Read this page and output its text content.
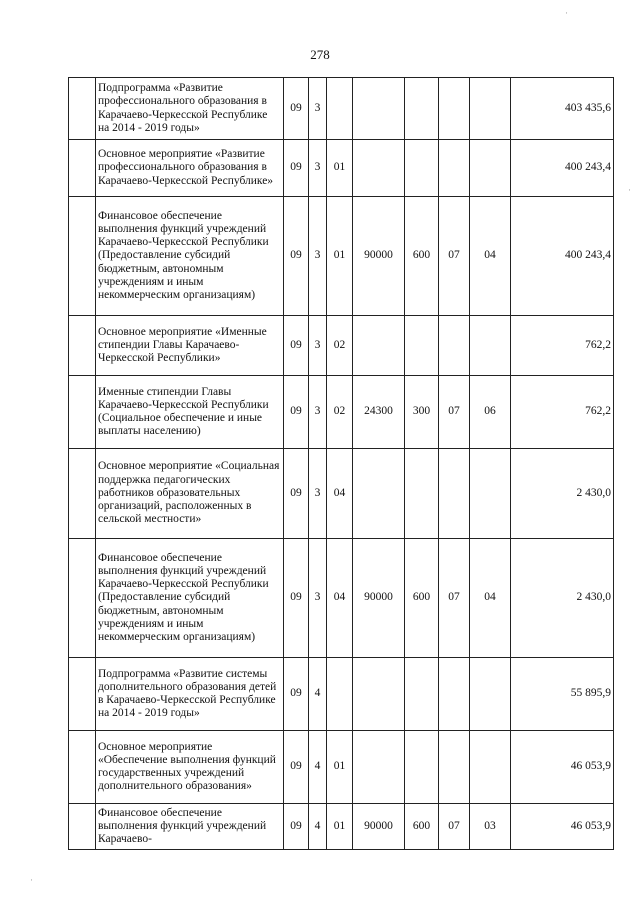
278
	Подпрограмма «Развитие профессионального образования в Карачаево-Черкесской Республике на 2014 - 2019 годы»	09	3						403 435,6
	Основное мероприятие «Развитие профессионального образования в Карачаево-Черкесской Республике»	09	3	01					400 243,4
	Финансовое обеспечение выполнения функций учреждений Карачаево-Черкесской Республики (Предоставление субсидий бюджетным, автономным учреждениям и иным некоммерческим организациям)	09	3	01	90000	600	07	04	400 243,4
	Основное мероприятие «Именные стипендии Главы Карачаево-Черкесской Республики»	09	3	02					762,2
	Именные стипендии Главы Карачаево-Черкесской Республики (Социальное обеспечение и иные выплаты населению)	09	3	02	24300	300	07	06	762,2
	Основное мероприятие «Социальная поддержка педагогических работников образовательных организаций, расположенных в сельской местности»	09	3	04					2 430,0
	Финансовое обеспечение выполнения функций учреждений Карачаево-Черкесской Республики (Предоставление субсидий бюджетным, автономным учреждениям и иным некоммерческим организациям)	09	3	04	90000	600	07	04	2 430,0
	Подпрограмма «Развитие системы дополнительного образования детей в Карачаево-Черкесской Республике на 2014 - 2019 годы»	09	4						55 895,9
	Основное мероприятие «Обеспечение выполнения функций государственных учреждений дополнительного образования»	09	4	01					46 053,9
	Финансовое обеспечение выполнения функций учреждений Карачаево-	09	4	01	90000	600	07	03	46 053,9
·
·
·
